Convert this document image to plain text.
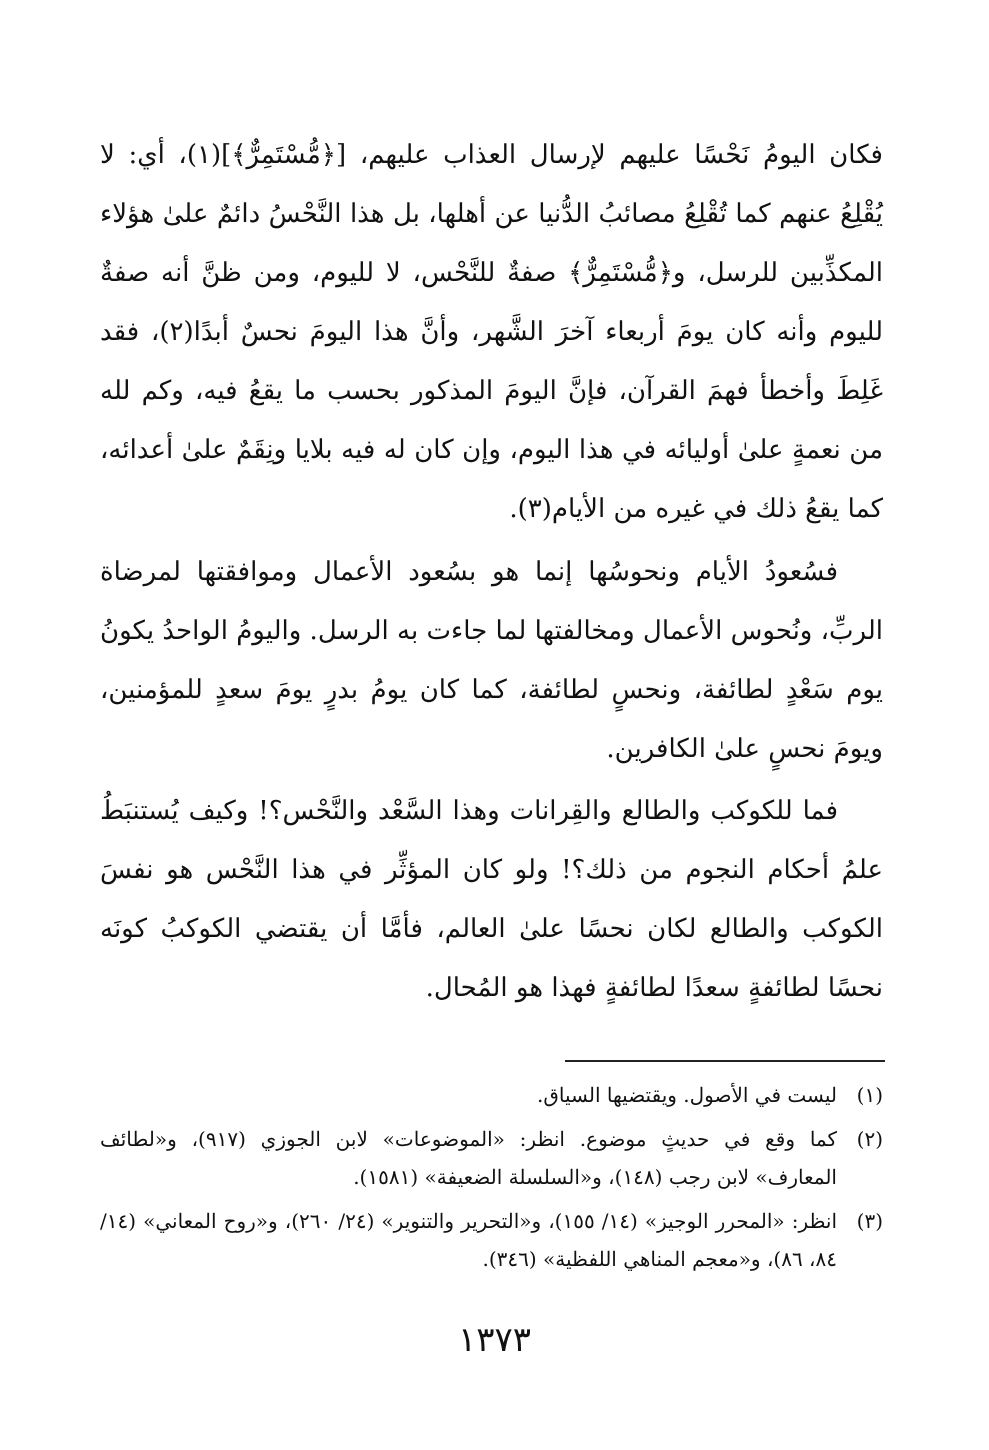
فكان اليومُ نَحْسًا عليهم لإرسال العذاب عليهم، [﴿مُّسْتَمِرٌّ﴾](١)، أي: لا يُقْلِعُ عنهم كما تُقْلِعُ مصائبُ الدُّنيا عن أهلها، بل هذا النَّحْسُ دائمٌ علىٰ هؤلاء المكذِّبين للرسل، و﴿مُّسْتَمِرٌّ﴾ صفةٌ للنَّحْس، لا لليوم، ومن ظنَّ أنه صفةٌ لليوم وأنه كان يومَ أربعاء آخرَ الشَّهر، وأنَّ هذا اليومَ نحسٌ أبدًا(٢)، فقد غَلِطَ وأخطأ فهمَ القرآن، فإنَّ اليومَ المذكور بحسب ما يقعُ فيه، وكم لله من نعمةٍ علىٰ أوليائه في هذا اليوم، وإن كان له فيه بلايا ونِقَمٌ علىٰ أعدائه، كما يقعُ ذلك في غيره من الأيام(٣).

فسُعودُ الأيام ونحوسُها إنما هو بسُعود الأعمال وموافقتها لمرضاة الربِّ، ونُحوس الأعمال ومخالفتها لما جاءت به الرسل. واليومُ الواحدُ يكونُ يوم سَعْدٍ لطائفة، ونحسٍ لطائفة، كما كان يومُ بدرٍ يومَ سعدٍ للمؤمنين، ويومَ نحسٍ علىٰ الكافرين.

فما للكوكب والطالع والقِرانات وهذا السَّعْد والنَّحْس؟! وكيف يُستنبَطُ علمُ أحكام النجوم من ذلك؟! ولو كان المؤثِّر في هذا النَّحْس هو نفسَ الكوكب والطالع لكان نحسًا علىٰ العالم، فأمَّا أن يقتضي الكوكبُ كونَه نحسًا لطائفةٍ سعدًا لطائفةٍ فهذا هو المُحال.

(١)
ليست في الأصول. ويقتضيها السياق.
(٢)
كما وقع في حديثٍ موضوع. انظر: «الموضوعات» لابن الجوزي (٩١٧)، و«لطائف المعارف» لابن رجب (١٤٨)، و«السلسلة الضعيفة» (١٥٨١).
(٣)
انظر: «المحرر الوجيز» (١٤/ ١٥٥)، و«التحرير والتنوير» (٢٤/ ٢٦٠)، و«روح المعاني» (١٤/ ٨٤، ٨٦)، و«معجم المناهي اللفظية» (٣٤٦).
١٣٧٣
